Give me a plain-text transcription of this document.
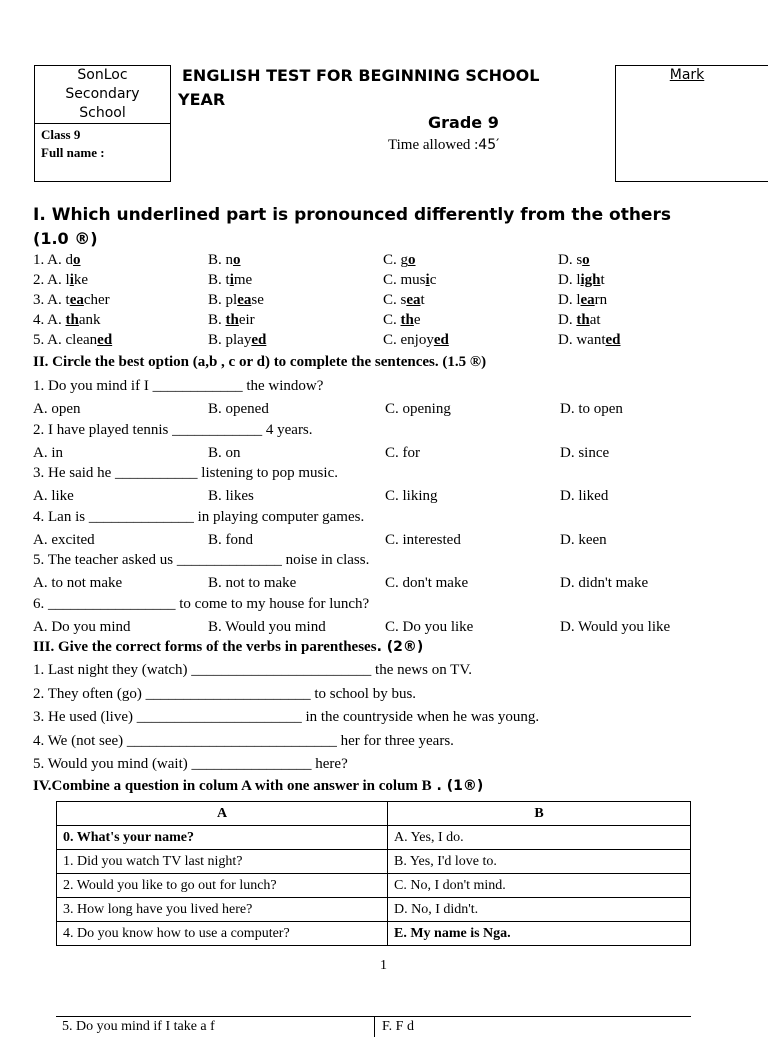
SonLoc
Secondary
School
Class 9
Full name :
ENGLISH TEST FOR BEGINNING SCHOOL
YEAR
Grade 9
Time allowed :45′
Mark
I. Which underlined part is pronounced differently from the others
(1.0 ®)
1. A. do	B. no	C. go	D. so
2. A. like	B. time	C. music	D. light
3. A. teacher	B. please	C. seat	D. learn
4. A. thank	B. their	C. the	D. that
5. A. cleaned	B. played	C. enjoyed	D. wanted
II. Circle the best option (a,b , c or d) to complete the sentences. (1.5 ®)
1. Do you mind if I ____________ the window?
A. open	B. opened	C. opening	D. to open
2. I have played tennis ____________ 4 years.
A. in	B. on	C. for	D. since
3. He said he ___________ listening to pop music.
A. like	B. likes	C. liking	D. liked
4. Lan is ______________ in playing computer games.
A. excited	B. fond	C. interested	D. keen
5. The teacher asked us ______________ noise in class.
A. to not make	B. not to make	C. don't make	D. didn't make
6. _________________ to come to my house for lunch?
A. Do you mind	B. Would you mind	C. Do you like	D. Would you like
III. Give the correct forms of the verbs in parentheses. (2®)
1. Last night they (watch) ________________________ the news on TV.
2. They often (go) ______________________ to school by bus.
3. He used (live) ______________________ in the countryside when he was young.
4. We (not see) ____________________________ her for three years.
5. Would you mind (wait) ________________ here?
IV.Combine a question in colum A with one answer in colum B . (1®)
A	B
0. What's your name?	A. Yes, I do.
1. Did you watch TV last night?	B. Yes, I'd love to.
2. Would you like to go out for lunch?	C. No, I don't mind.
3. How long have you lived here?	D. No, I didn't.
4. Do you know how to use a computer?	E. My name is Nga.
1
5. Do you mind if I take a f	F. F d
